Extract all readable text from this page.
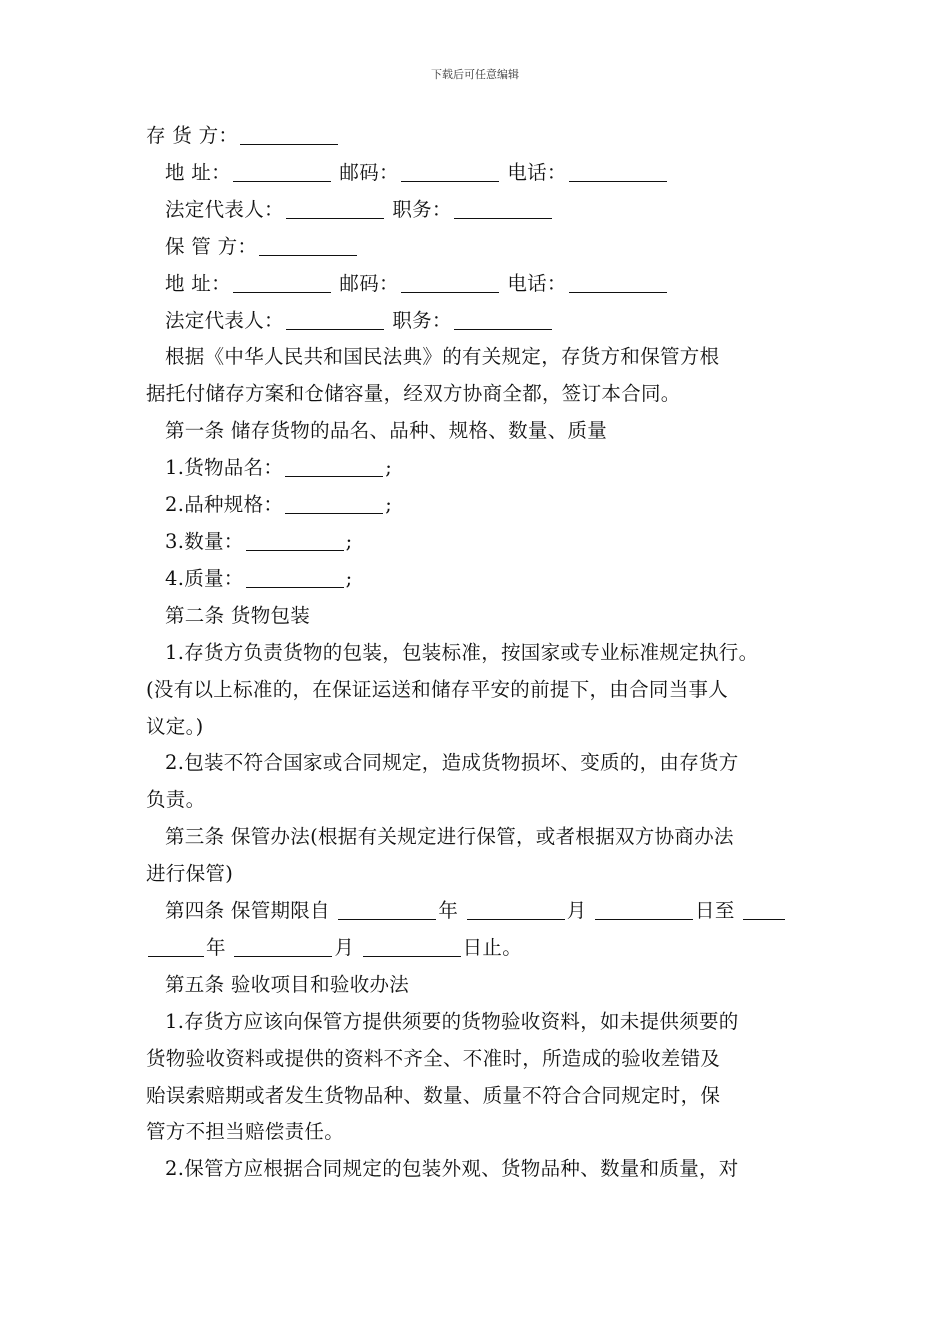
下载后可任意编辑
存 货 方：
地 址：	邮码：	电话：
法定代表人：	职务：
保 管 方：
地 址：	邮码：	电话：
法定代表人：	职务：
根据《中华人民共和国民法典》的有关规定，存货方和保管方根
据托付储存方案和仓储容量，经双方协商全都，签订本合同。
第一条 储存货物的品名、品种、规格、数量、质量
1.货物品名：	;
2.品种规格：	;
3.数量：	;
4.质量：	;
第二条 货物包装
1.存货方负责货物的包装，包装标准，按国家或专业标准规定执行。
(没有以上标准的，在保证运送和储存平安的前提下，由合同当事人
议定。)
2.包装不符合国家或合同规定，造成货物损坏、变质的，由存货方
负责。
第三条 保管办法(根据有关规定进行保管，或者根据双方协商办法
进行保管)
第四条 保管期限自	年	月	日至
年	月	日止。
第五条 验收项目和验收办法
1.存货方应该向保管方提供须要的货物验收资料，如未提供须要的
货物验收资料或提供的资料不齐全、不准时，所造成的验收差错及
贻误索赔期或者发生货物品种、数量、质量不符合合同规定时，保
管方不担当赔偿责任。
2.保管方应根据合同规定的包装外观、货物品种、数量和质量，对
